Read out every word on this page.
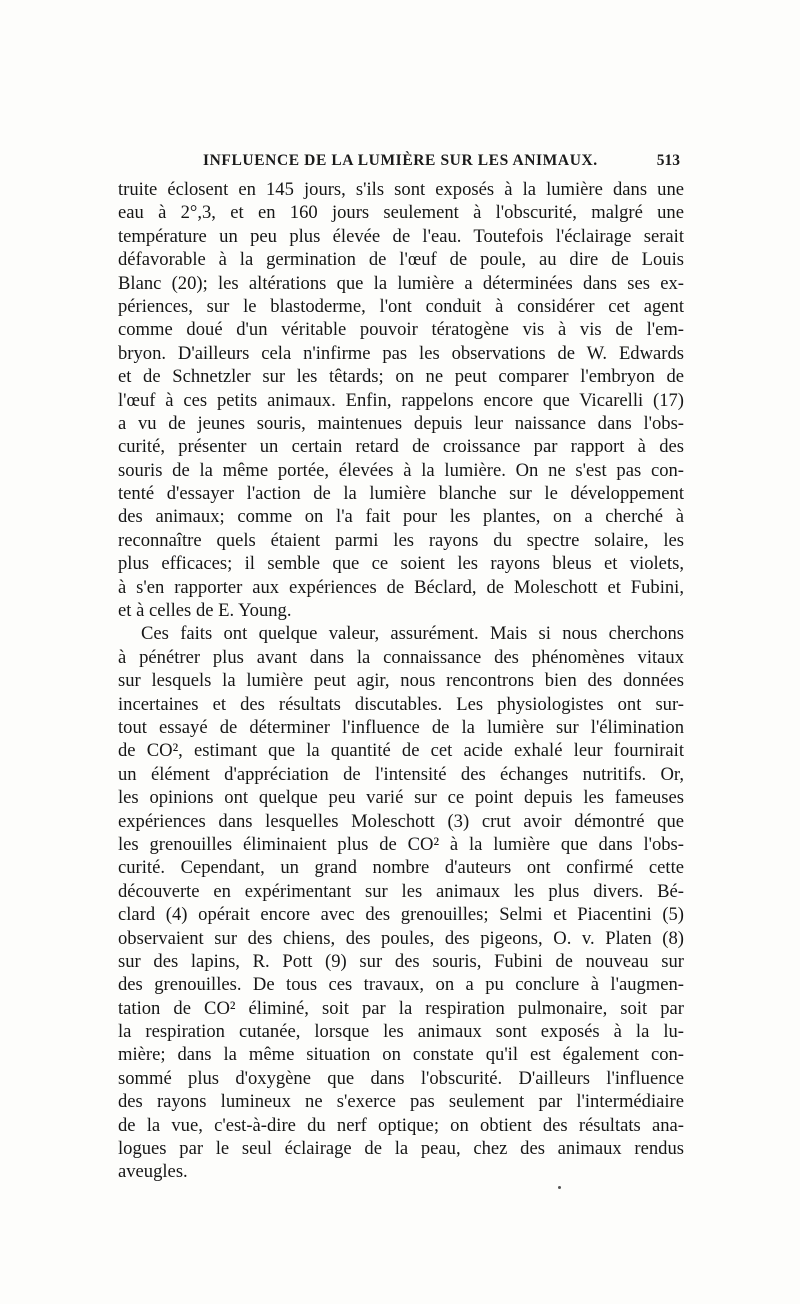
INFLUENCE DE LA LUMIÈRE SUR LES ANIMAUX.	513
truite éclosent en 145 jours, s'ils sont exposés à la lumière dans une
eau à 2°,3, et en 160 jours seulement à l'obscurité, malgré une
température un peu plus élevée de l'eau. Toutefois l'éclairage serait
défavorable à la germination de l'œuf de poule, au dire de Louis
Blanc (20); les altérations que la lumière a déterminées dans ses ex-
périences, sur le blastoderme, l'ont conduit à considérer cet agent
comme doué d'un véritable pouvoir tératogène vis à vis de l'em-
bryon. D'ailleurs cela n'infirme pas les observations de W. Edwards
et de Schnetzler sur les têtards; on ne peut comparer l'embryon de
l'œuf à ces petits animaux. Enfin, rappelons encore que Vicarelli (17)
a vu de jeunes souris, maintenues depuis leur naissance dans l'obs-
curité, présenter un certain retard de croissance par rapport à des
souris de la même portée, élevées à la lumière. On ne s'est pas con-
tenté d'essayer l'action de la lumière blanche sur le développement
des animaux; comme on l'a fait pour les plantes, on a cherché à
reconnaître quels étaient parmi les rayons du spectre solaire, les
plus efficaces; il semble que ce soient les rayons bleus et violets,
à s'en rapporter aux expériences de Béclard, de Moleschott et Fubini,
et à celles de E. Young.
Ces faits ont quelque valeur, assurément. Mais si nous cherchons
à pénétrer plus avant dans la connaissance des phénomènes vitaux
sur lesquels la lumière peut agir, nous rencontrons bien des données
incertaines et des résultats discutables. Les physiologistes ont sur-
tout essayé de déterminer l'influence de la lumière sur l'élimination
de CO², estimant que la quantité de cet acide exhalé leur fournirait
un élément d'appréciation de l'intensité des échanges nutritifs. Or,
les opinions ont quelque peu varié sur ce point depuis les fameuses
expériences dans lesquelles Moleschott (3) crut avoir démontré que
les grenouilles éliminaient plus de CO² à la lumière que dans l'obs-
curité. Cependant, un grand nombre d'auteurs ont confirmé cette
découverte en expérimentant sur les animaux les plus divers. Bé-
clard (4) opérait encore avec des grenouilles; Selmi et Piacentini (5)
observaient sur des chiens, des poules, des pigeons, O. v. Platen (8)
sur des lapins, R. Pott (9) sur des souris, Fubini de nouveau sur
des grenouilles. De tous ces travaux, on a pu conclure à l'augmen-
tation de CO² éliminé, soit par la respiration pulmonaire, soit par
la respiration cutanée, lorsque les animaux sont exposés à la lu-
mière; dans la même situation on constate qu'il est également con-
sommé plus d'oxygène que dans l'obscurité. D'ailleurs l'influence
des rayons lumineux ne s'exerce pas seulement par l'intermédiaire
de la vue, c'est-à-dire du nerf optique; on obtient des résultats ana-
logues par le seul éclairage de la peau, chez des animaux rendus
aveugles.
